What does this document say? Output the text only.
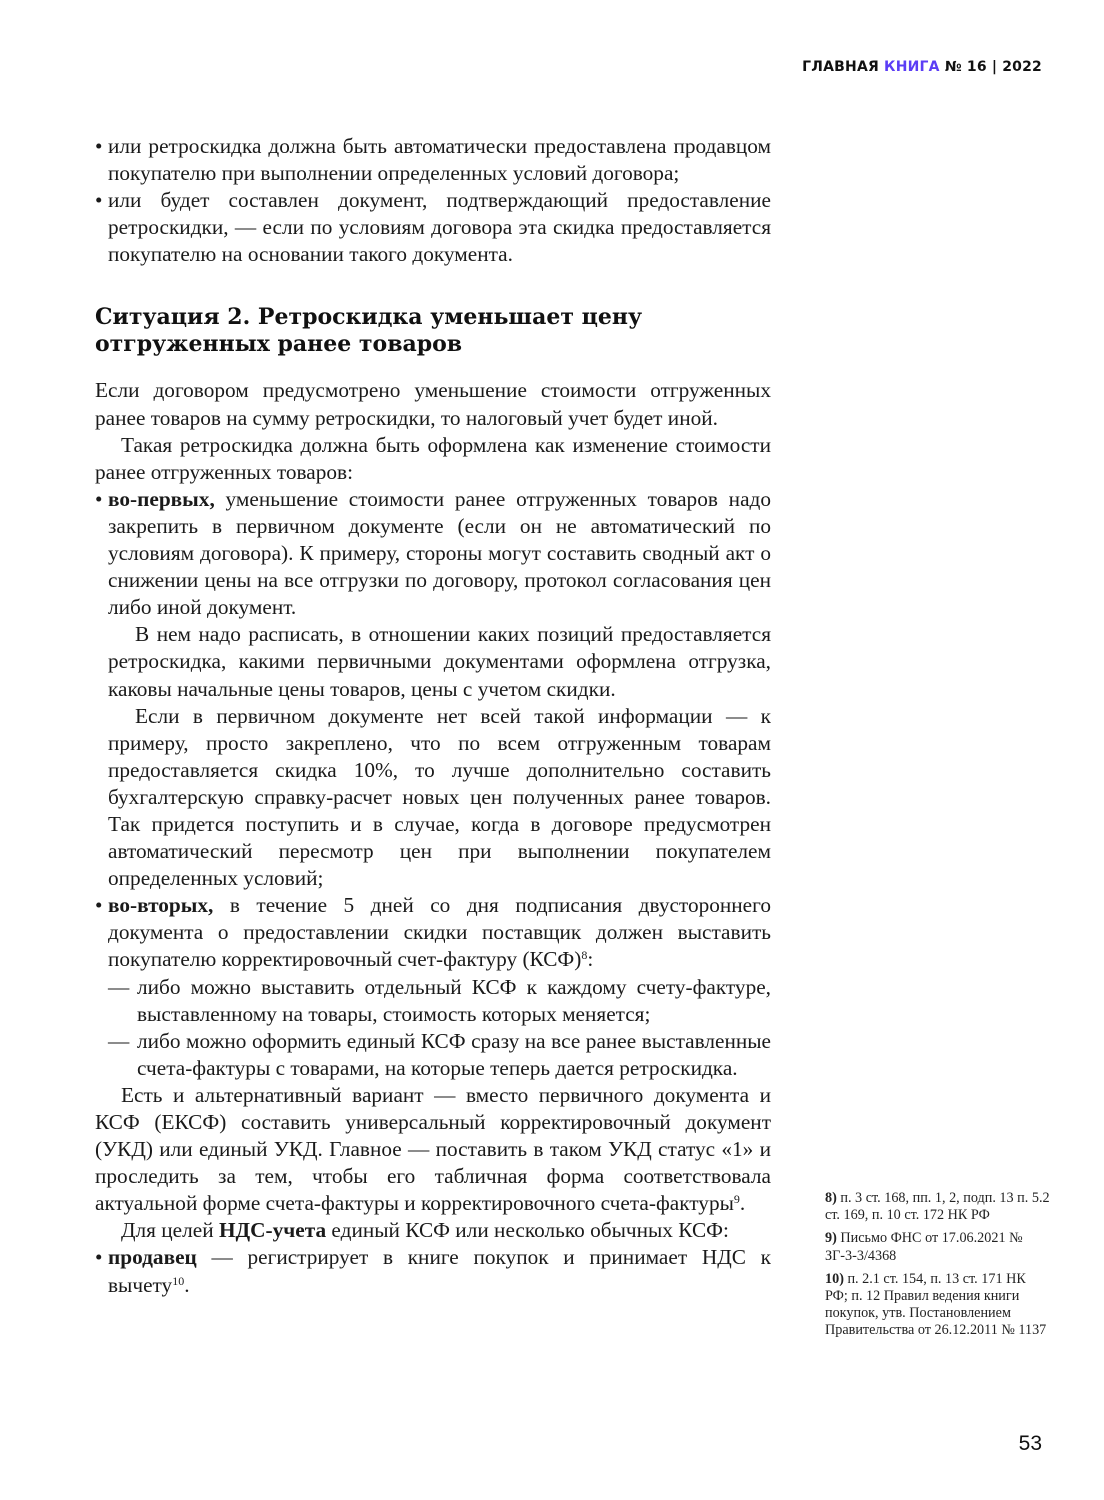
ГЛАВНАЯ КНИГА № 16 | 2022

• или ретроскидка должна быть автоматически предоставлена продавцом покупателю при выполнении определенных условий договора;

• или будет составлен документ, подтверждающий предоставление ретроскидки, — если по условиям договора эта скидка предоставляется покупателю на основании такого документа.

Ситуация 2. Ретроскидка уменьшает цену
отгруженных ранее товаров

Если договором предусмотрено уменьшение стоимости отгруженных ранее товаров на сумму ретроскидки, то налоговый учет будет иной.

Такая ретроскидка должна быть оформлена как изменение стоимости ранее отгруженных товаров:

• во-первых, уменьшение стоимости ранее отгруженных товаров надо закрепить в первичном документе (если он не автоматический по условиям договора). К примеру, стороны могут составить сводный акт о снижении цены на все отгрузки по договору, протокол согласования цен либо иной документ.

В нем надо расписать, в отношении каких позиций предоставляется ретроскидка, какими первичными документами оформлена отгрузка, каковы начальные цены товаров, цены с учетом скидки.

Если в первичном документе нет всей такой информации — к примеру, просто закреплено, что по всем отгруженным товарам предоставляется скидка 10%, то лучше дополнительно составить бухгалтерскую справку-расчет новых цен полученных ранее товаров. Так придется поступить и в случае, когда в договоре предусмотрен автоматический пересмотр цен при выполнении покупателем определенных условий;

• во-вторых, в течение 5 дней со дня подписания двустороннего документа о предоставлении скидки поставщик должен выставить покупателю корректировочный счет-фактуру (КСФ)$^8$:

— либо можно выставить отдельный КСФ к каждому счету-фактуре, выставленному на товары, стоимость которых меняется;

— либо можно оформить единый КСФ сразу на все ранее выставленные счета-фактуры с товарами, на которые теперь дается ретроскидка.

Есть и альтернативный вариант — вместо первичного документа и КСФ (ЕКСФ) составить универсальный корректировочный документ (УКД) или единый УКД. Главное — поставить в таком УКД статус «1» и проследить за тем, чтобы его табличная форма соответствовала актуальной форме счета-фактуры и корректировочного счета-фактуры$^9$.

Для целей НДС-учета единый КСФ или несколько обычных КСФ:

• продавец — регистрирует в книге покупок и принимает НДС к вычету$^{10}$.

8) п. 3 ст. 168, пп. 1, 2, подп. 13 п. 5.2 ст. 169, п. 10 ст. 172 НК РФ

9) Письмо ФНС от 17.06.2021 № ЗГ-3-3/4368

10) п. 2.1 ст. 154, п. 13 ст. 171 НК РФ; п. 12 Правил ведения книги покупок, утв. Постановлением Правительства от 26.12.2011 № 1137

53
